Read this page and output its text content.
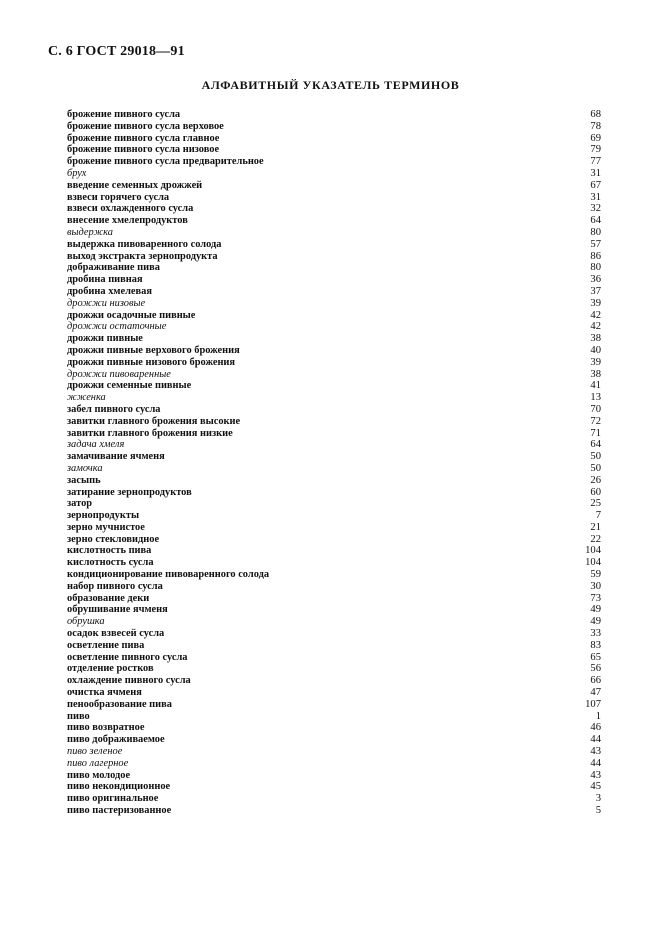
С. 6 ГОСТ 29018—91
АЛФАВИТНЫЙ УКАЗАТЕЛЬ ТЕРМИНОВ
брожение пивного сусла	68
брожение пивного сусла верховое	78
брожение пивного сусла главное	69
брожение пивного сусла низовое	79
брожение пивного сусла предварительное	77
брух	31
введение семенных дрожжей	67
взвеси горячего сусла	31
взвеси охлажденного сусла	32
внесение хмелепродуктов	64
выдержка	80
выдержка пивоваренного солода	57
выход экстракта зернопродукта	86
дображивание пива	80
дробина пивная	36
дробина хмелевая	37
дрожжи низовые	39
дрожжи осадочные пивные	42
дрожжи остаточные	42
дрожжи пивные	38
дрожжи пивные верхового брожения	40
дрожжи пивные низового брожения	39
дрожжи пивоваренные	38
дрожжи семенные пивные	41
жженка	13
забел пивного сусла	70
завитки главного брожения высокие	72
завитки главного брожения низкие	71
задача хмеля	64
замачивание ячменя	50
замочка	50
засыпь	26
затирание зернопродуктов	60
затор	25
зернопродукты	7
зерно мучнистое	21
зерно стекловидное	22
кислотность пива	104
кислотность сусла	104
кондиционирование пивоваренного солода	59
набор пивного сусла	30
образование деки	73
обрушивание ячменя	49
обрушка	49
осадок взвесей сусла	33
осветление пива	83
осветление пивного сусла	65
отделение ростков	56
охлаждение пивного сусла	66
очистка ячменя	47
пенообразование пива	107
пиво	1
пиво возвратное	46
пиво дображиваемое	44
пиво зеленое	43
пиво лагерное	44
пиво молодое	43
пиво некондиционное	45
пиво оригинальное	3
пиво пастеризованное	5
